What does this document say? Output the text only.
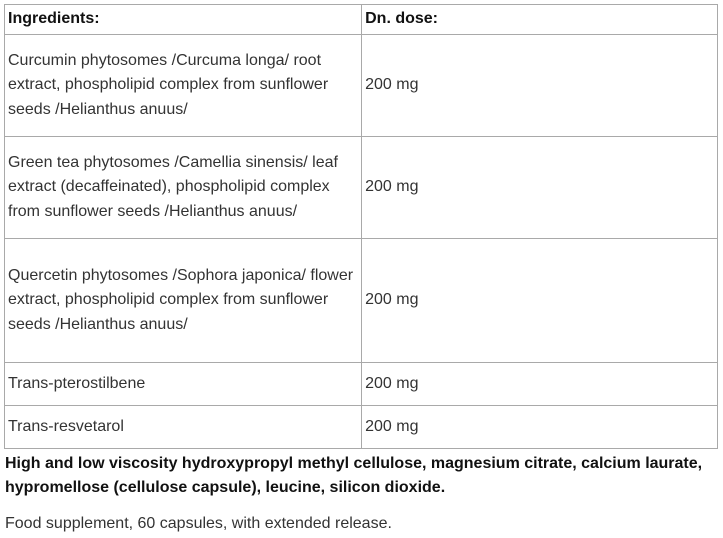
Ingredients:	Dn. dose:

Curcumin phytosomes /Curcuma longa/ root extract, phospholipid complex from sunflower seeds /Helianthus anuus/	200 mg

Green tea phytosomes /Camellia sinensis/ leaf extract (decaffeinated), phospholipid complex from sunflower seeds /Helianthus anuus/	200 mg

Quercetin phytosomes /Sophora japonica/ flower extract, phospholipid complex from sunflower seeds /Helianthus anuus/	200 mg

Trans-pterostilbene	200 mg

Trans-resvetarol	200 mg
High and low viscosity hydroxypropyl methyl cellulose, magnesium citrate, calcium laurate, hypromellose (cellulose capsule), leucine, silicon dioxide.
Food supplement, 60 capsules, with extended release.
